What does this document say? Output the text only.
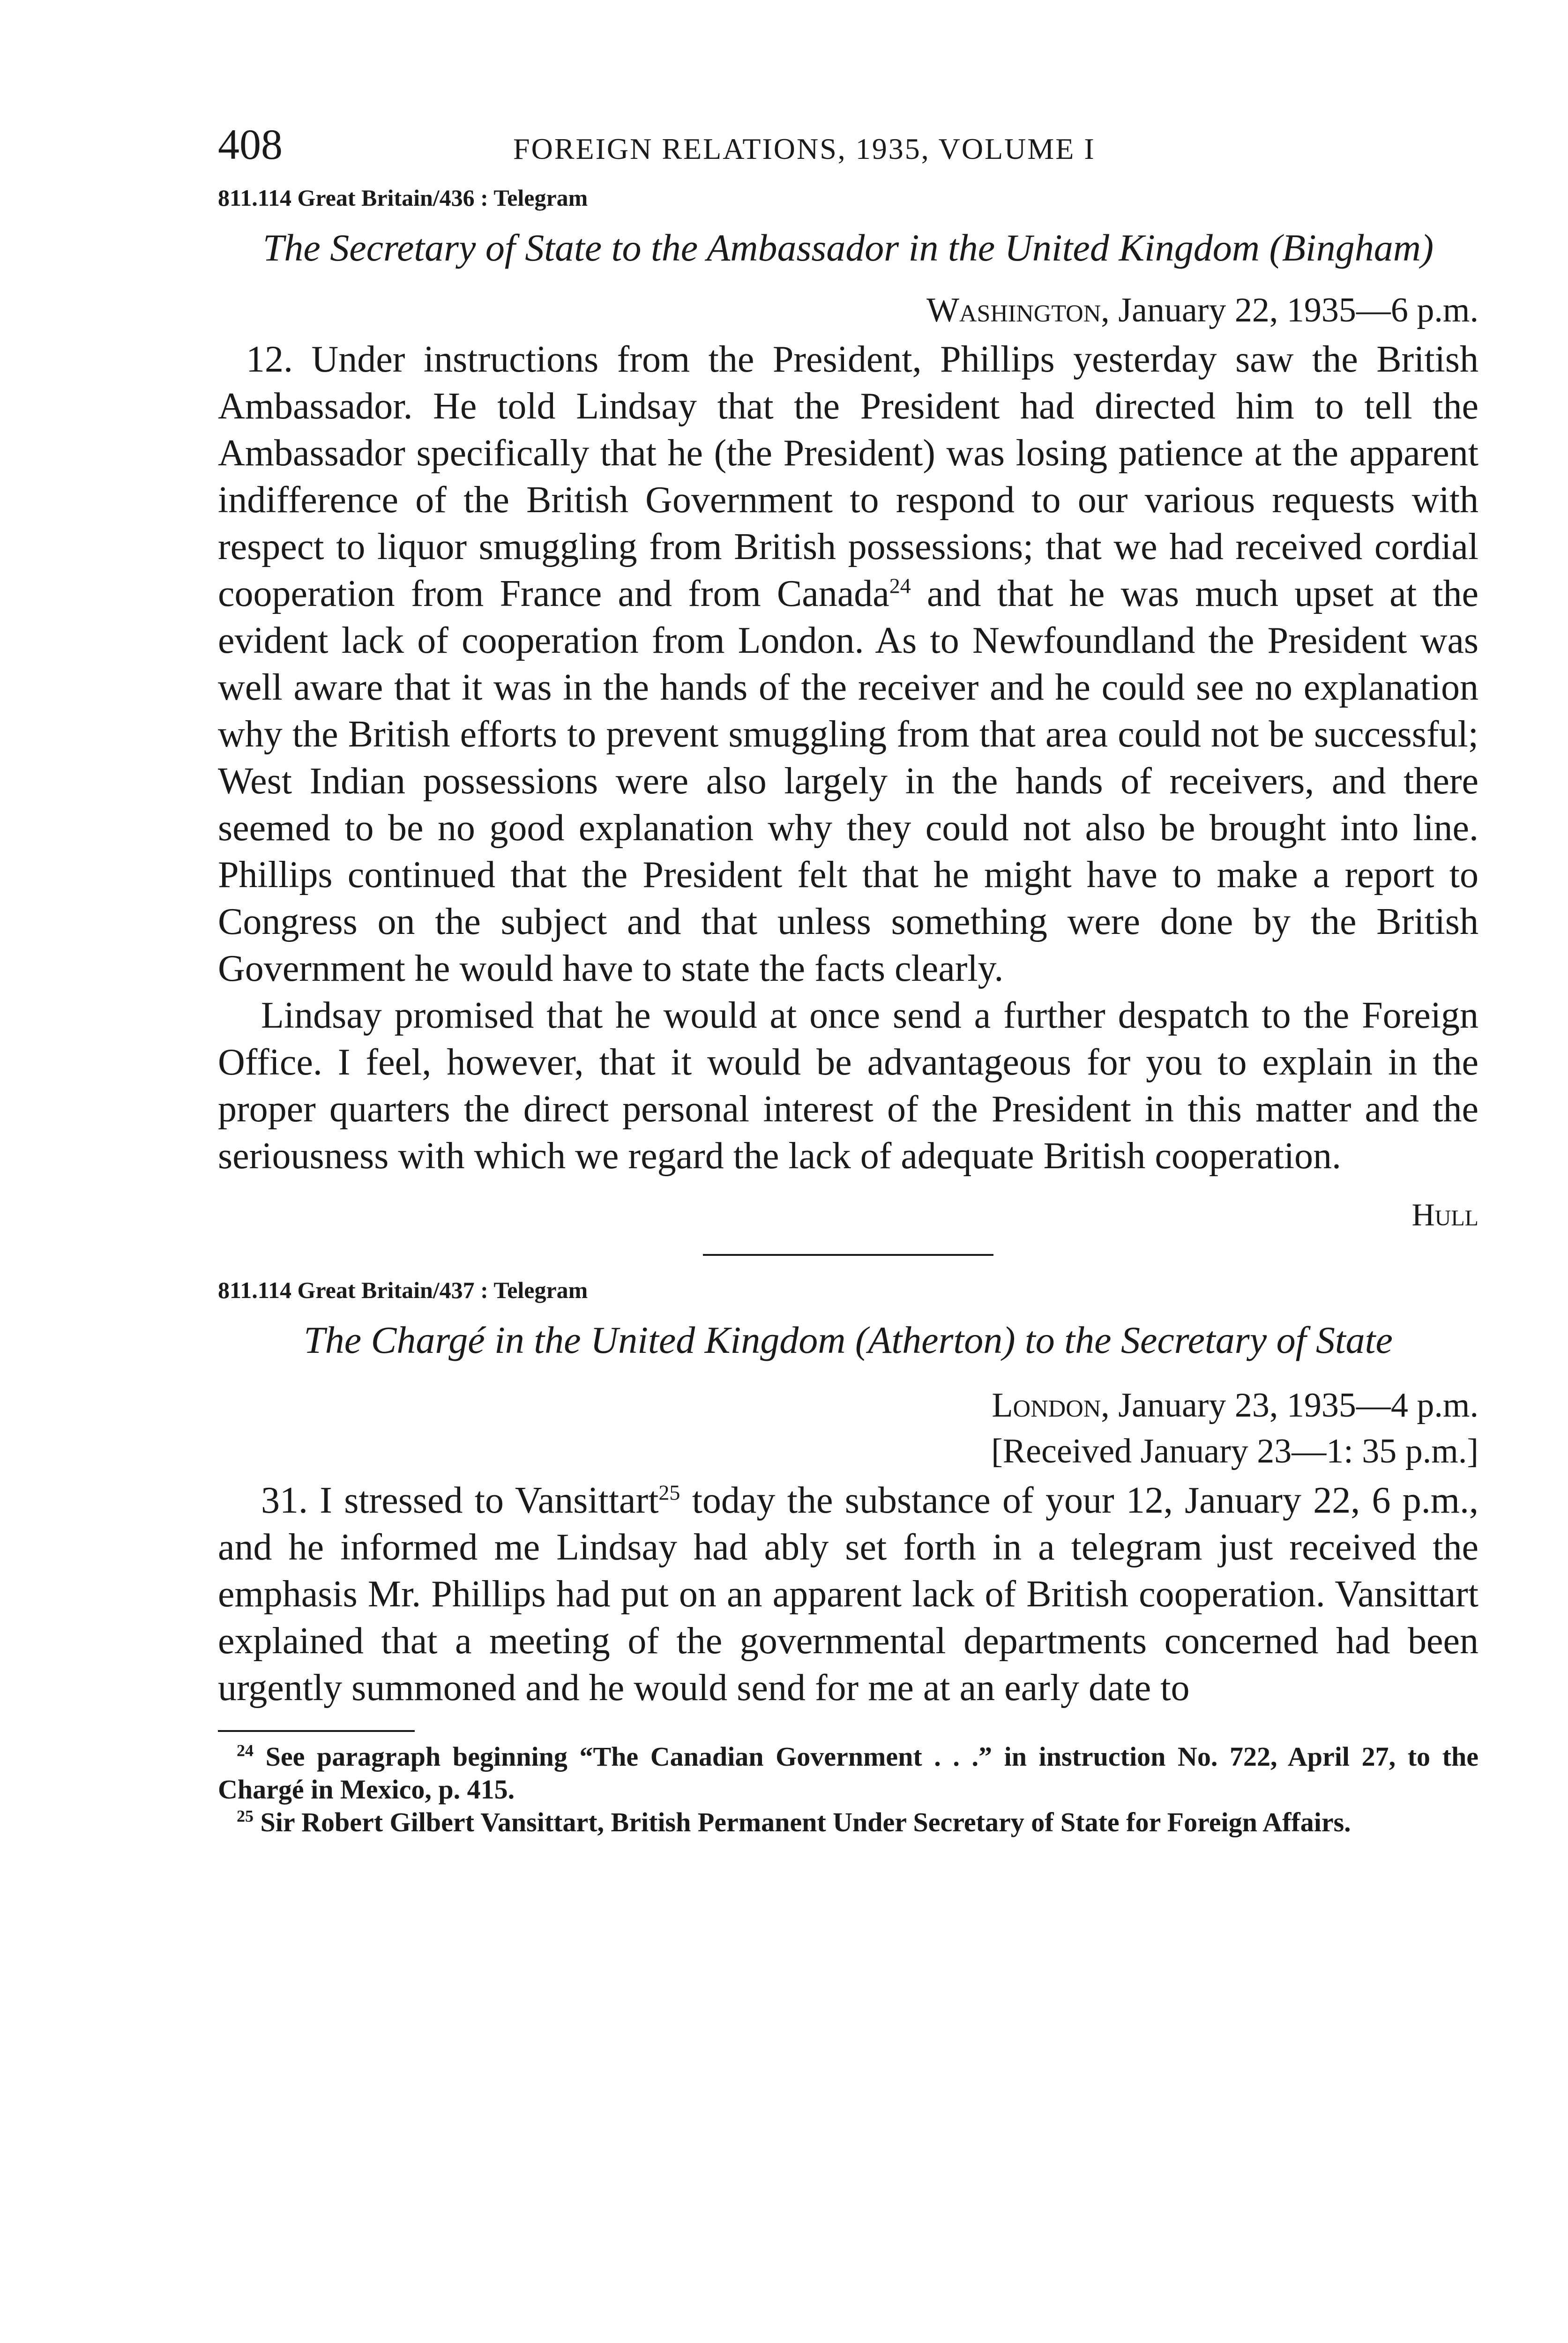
408	FOREIGN RELATIONS, 1935, VOLUME I
811.114 Great Britain/436 : Telegram
The Secretary of State to the Ambassador in the United Kingdom (Bingham)
Washington, January 22, 1935—6 p.m.

12. Under instructions from the President, Phillips yesterday saw the British Ambassador. He told Lindsay that the President had directed him to tell the Ambassador specifically that he (the President) was losing patience at the apparent indifference of the British Government to respond to our various requests with respect to liquor smuggling from British possessions; that we had received cordial cooperation from France and from Canada$^{24}$ and that he was much upset at the evident lack of cooperation from London. As to Newfoundland the President was well aware that it was in the hands of the receiver and he could see no explanation why the British efforts to prevent smuggling from that area could not be successful; West Indian possessions were also largely in the hands of receivers, and there seemed to be no good explanation why they could not also be brought into line. Phillips continued that the President felt that he might have to make a report to Congress on the subject and that unless something were done by the British Government he would have to state the facts clearly.

Lindsay promised that he would at once send a further despatch to the Foreign Office. I feel, however, that it would be advantageous for you to explain in the proper quarters the direct personal interest of the President in this matter and the seriousness with which we regard the lack of adequate British cooperation.

Hull
811.114 Great Britain/437 : Telegram
The Chargé in the United Kingdom (Atherton) to the Secretary of State
London, January 23, 1935—4 p.m.
[Received January 23—1: 35 p.m.]

31. I stressed to Vansittart$^{25}$ today the substance of your 12, January 22, 6 p.m., and he informed me Lindsay had ably set forth in a telegram just received the emphasis Mr. Phillips had put on an apparent lack of British cooperation. Vansittart explained that a meeting of the governmental departments concerned had been urgently summoned and he would send for me at an early date to

$^{24}$ See paragraph beginning “The Canadian Government . . .” in instruction No. 722, April 27, to the Chargé in Mexico, p. 415.
$^{25}$ Sir Robert Gilbert Vansittart, British Permanent Under Secretary of State for Foreign Affairs.
